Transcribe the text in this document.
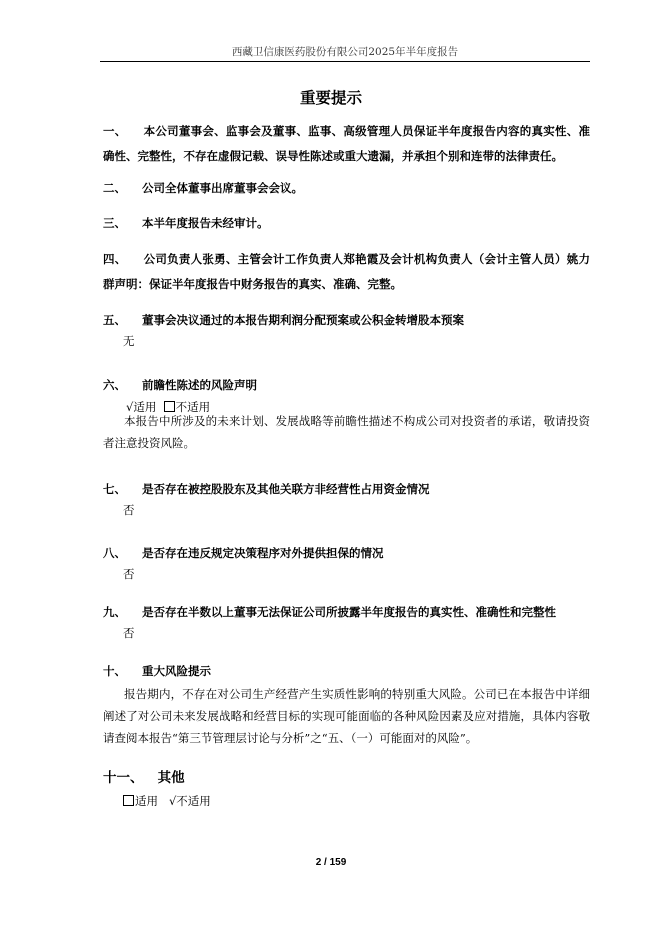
西藏卫信康医药股份有限公司2025年半年度报告
重要提示
一、 本公司董事会、监事会及董事、监事、高级管理人员保证半年度报告内容的真实性、准确性、完整性，不存在虚假记载、误导性陈述或重大遗漏，并承担个别和连带的法律责任。
二、 公司全体董事出席董事会会议。
三、 本半年度报告未经审计。
四、 公司负责人张勇、主管会计工作负责人郑艳霞及会计机构负责人（会计主管人员）姚力群声明：保证半年度报告中财务报告的真实、准确、完整。
五、 董事会决议通过的本报告期利润分配预案或公积金转增股本预案
无
六、 前瞻性陈述的风险声明
√适用 不适用
本报告中所涉及的未来计划、发展战略等前瞻性描述不构成公司对投资者的承诺，敬请投资者注意投资风险。
七、 是否存在被控股股东及其他关联方非经营性占用资金情况
否
八、 是否存在违反规定决策程序对外提供担保的情况
否
九、 是否存在半数以上董事无法保证公司所披露半年度报告的真实性、准确性和完整性
否
十、 重大风险提示
报告期内，不存在对公司生产经营产生实质性影响的特别重大风险。公司已在本报告中详细阐述了对公司未来发展战略和经营目标的实现可能面临的各种风险因素及应对措施，具体内容敬请查阅本报告“第三节管理层讨论与分析”之“五、（一）可能面对的风险”。
十一、 其他
适用 √不适用
2 / 159
